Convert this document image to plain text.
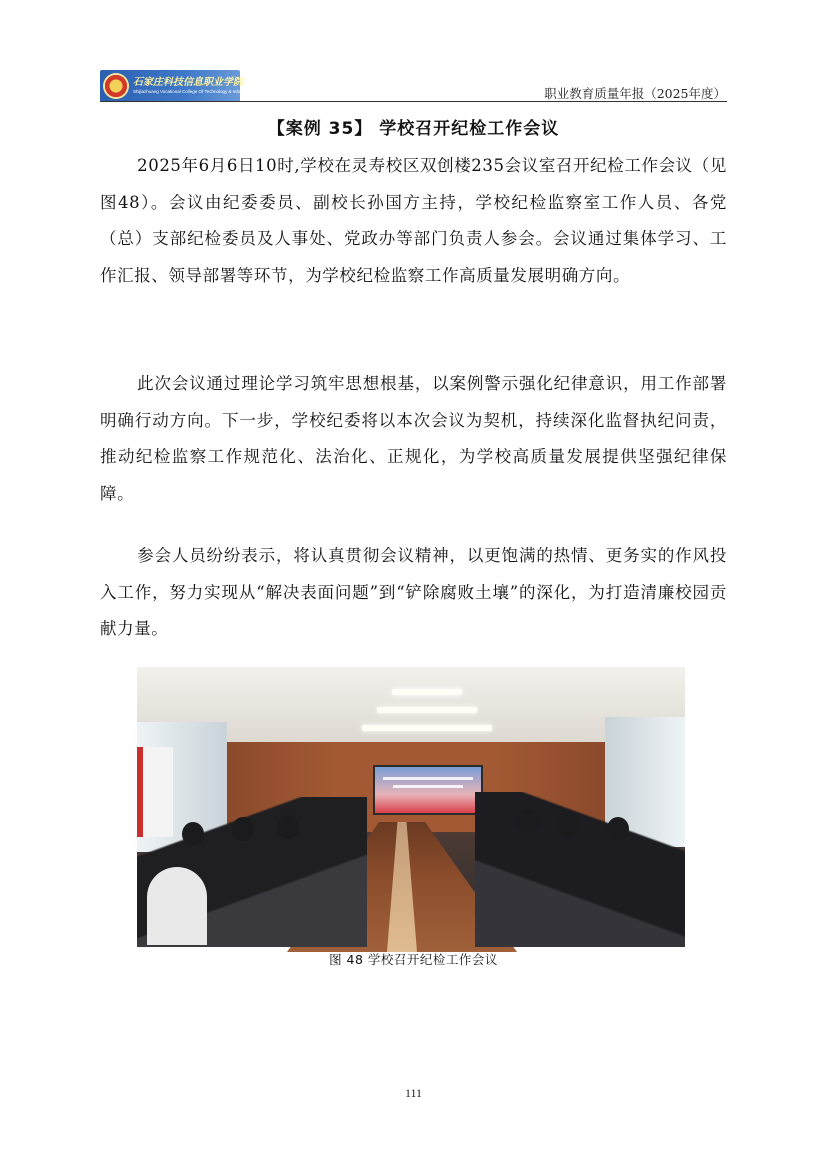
石家庄科技信息职业学院
Shijiazhuang Vocational College Of Technology & Information	职业教育质量年报（2025年度）
【案例 35】 学校召开纪检工作会议

2025年6月6日10时,学校在灵寿校区双创楼235会议室召开纪检工作会议（见图48）。会议由纪委委员、副校长孙国方主持，学校纪检监察室工作人员、各党（总）支部纪检委员及人事处、党政办等部门负责人参会。会议通过集体学习、工作汇报、领导部署等环节，为学校纪检监察工作高质量发展明确方向。

此次会议通过理论学习筑牢思想根基，以案例警示强化纪律意识，用工作部署明确行动方向。下一步，学校纪委将以本次会议为契机，持续深化监督执纪问责，推动纪检监察工作规范化、法治化、正规化，为学校高质量发展提供坚强纪律保障。

参会人员纷纷表示，将认真贯彻会议精神，以更饱满的热情、更务实的作风投入工作，努力实现从“解决表面问题”到“铲除腐败土壤”的深化，为打造清廉校园贡献力量。

图 48 学校召开纪检工作会议
111
